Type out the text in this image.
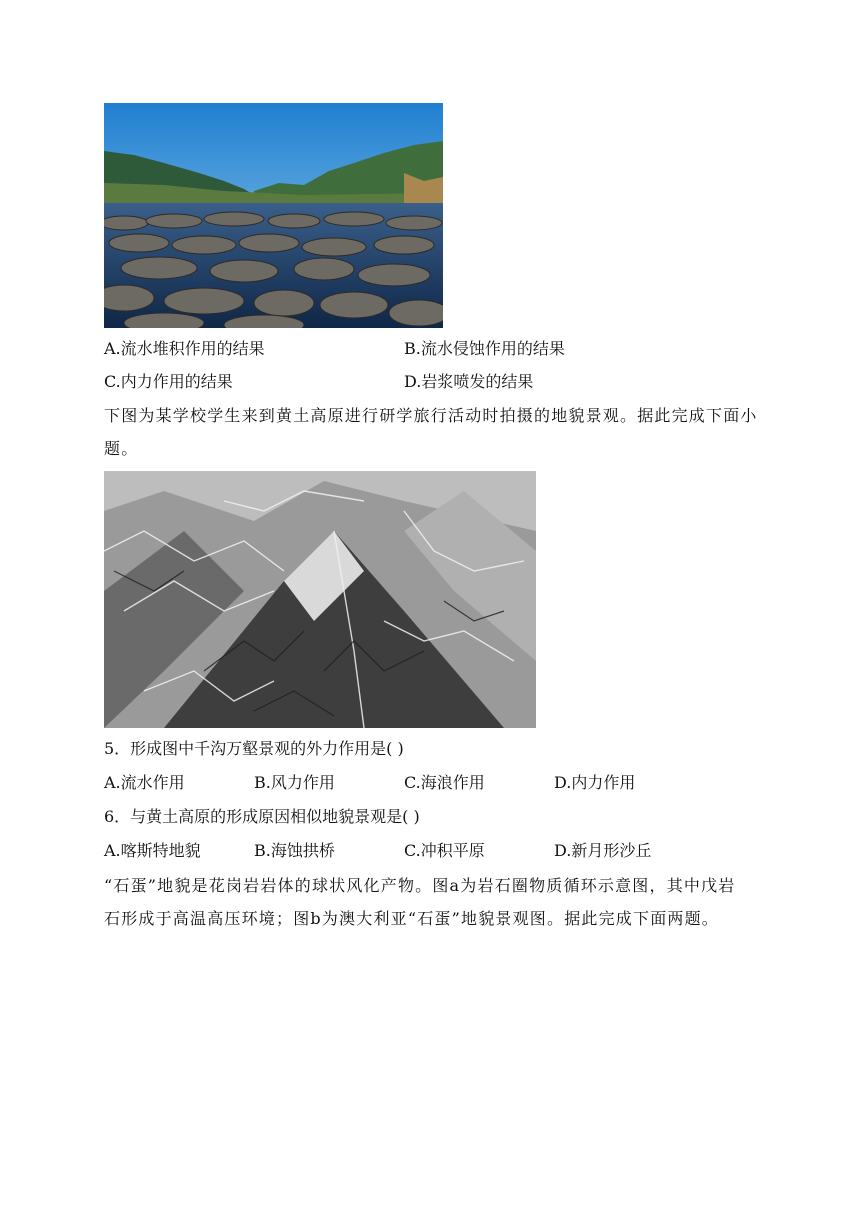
A.流水堆积作用的结果	B.流水侵蚀作用的结果
C.内力作用的结果	D.岩浆喷发的结果
下图为某学校学生来到黄土高原进行研学旅行活动时拍摄的地貌景观。据此完成下面小题。
5．形成图中千沟万壑景观的外力作用是( )
A.流水作用	B.风力作用	C.海浪作用	D.内力作用
6．与黄土高原的形成原因相似地貌景观是( )
A.喀斯特地貌	B.海蚀拱桥	C.冲积平原	D.新月形沙丘
“石蛋”地貌是花岗岩岩体的球状风化产物。图a为岩石圈物质循环示意图，其中戊岩石形成于高温高压环境；图b为澳大利亚“石蛋”地貌景观图。据此完成下面两题。
